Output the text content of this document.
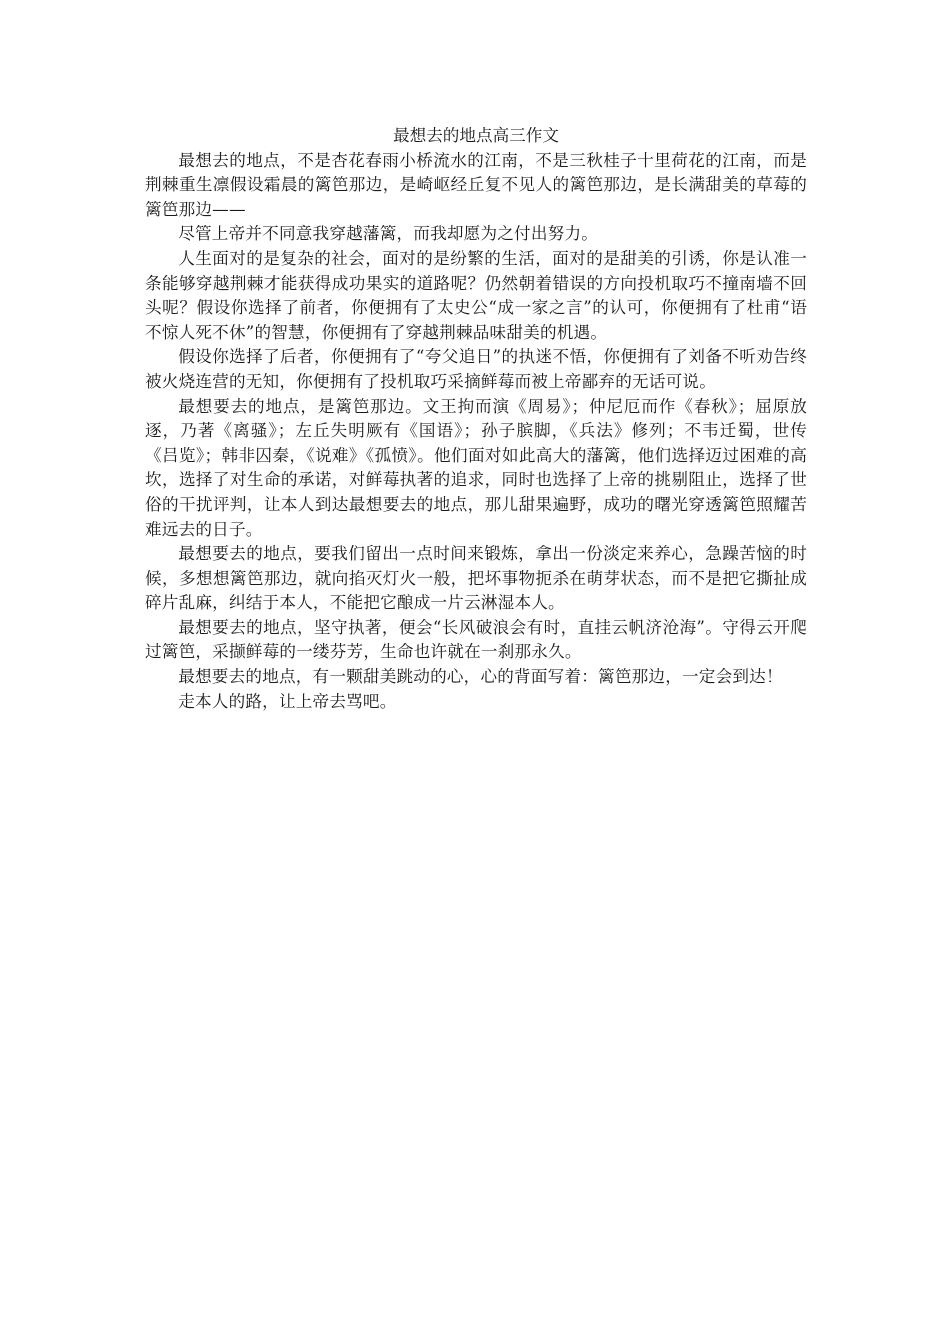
最想去的地点高三作文

最想去的地点，不是杏花春雨小桥流水的江南，不是三秋桂子十里荷花的江南，而是荆棘重生凛假设霜晨的篱笆那边，是崎岖经丘复不见人的篱笆那边，是长满甜美的草莓的篱笆那边——

尽管上帝并不同意我穿越藩篱，而我却愿为之付出努力。

人生面对的是复杂的社会，面对的是纷繁的生活，面对的是甜美的引诱，你是认准一条能够穿越荆棘才能获得成功果实的道路呢？仍然朝着错误的方向投机取巧不撞南墙不回头呢？假设你选择了前者，你便拥有了太史公“成一家之言”的认可，你便拥有了杜甫“语不惊人死不休”的智慧，你便拥有了穿越荆棘品味甜美的机遇。

假设你选择了后者，你便拥有了“夸父追日”的执迷不悟，你便拥有了刘备不听劝告终被火烧连营的无知，你便拥有了投机取巧采摘鲜莓而被上帝鄙弃的无话可说。

最想要去的地点，是篱笆那边。文王拘而演《周易》；仲尼厄而作《春秋》；屈原放逐，乃著《离骚》；左丘失明厥有《国语》；孙子膑脚，《兵法》修列；不韦迁蜀，世传《吕览》；韩非囚秦，《说难》《孤愤》。他们面对如此高大的藩篱，他们选择迈过困难的高坎，选择了对生命的承诺，对鲜莓执著的追求，同时也选择了上帝的挑剔阻止，选择了世俗的干扰评判，让本人到达最想要去的地点，那儿甜果遍野，成功的曙光穿透篱笆照耀苦难远去的日子。

最想要去的地点，要我们留出一点时间来锻炼，拿出一份淡定来养心，急躁苦恼的时候，多想想篱笆那边，就向掐灭灯火一般，把坏事物扼杀在萌芽状态，而不是把它撕扯成碎片乱麻，纠结于本人，不能把它酿成一片云淋湿本人。

最想要去的地点，坚守执著，便会“长风破浪会有时，直挂云帆济沧海”。守得云开爬过篱笆，采撷鲜莓的一缕芬芳，生命也许就在一刹那永久。

最想要去的地点，有一颗甜美跳动的心，心的背面写着：篱笆那边，一定会到达！

走本人的路，让上帝去骂吧。
